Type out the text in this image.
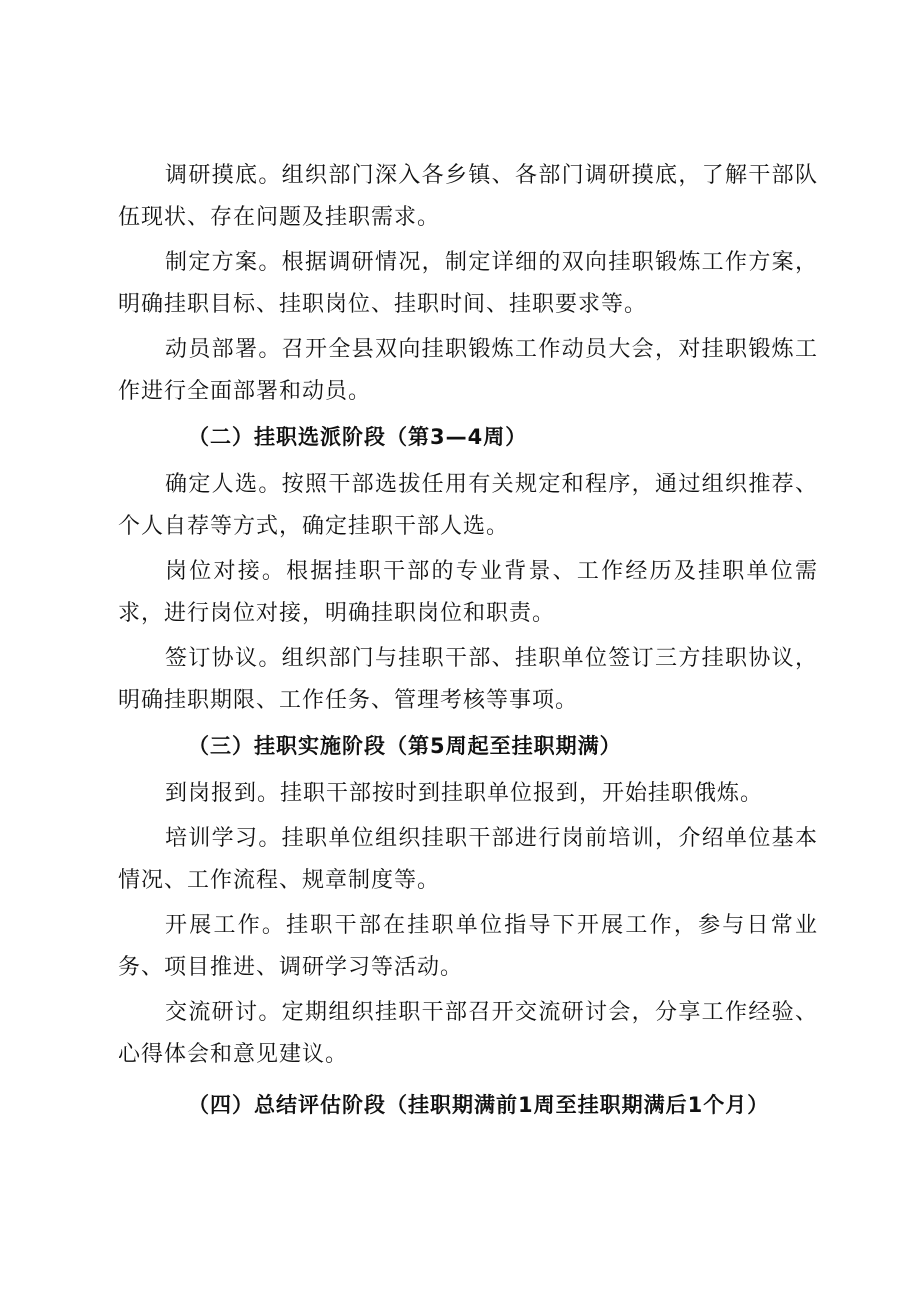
调研摸底。组织部门深入各乡镇、各部门调研摸底，了解干部队伍现状、存在问题及挂职需求。

制定方案。根据调研情况，制定详细的双向挂职锻炼工作方案，明确挂职目标、挂职岗位、挂职时间、挂职要求等。

动员部署。召开全县双向挂职锻炼工作动员大会，对挂职锻炼工作进行全面部署和动员。

（二）挂职选派阶段（第3—4周）

确定人选。按照干部选拔任用有关规定和程序，通过组织推荐、个人自荐等方式，确定挂职干部人选。

岗位对接。根据挂职干部的专业背景、工作经历及挂职单位需求，进行岗位对接，明确挂职岗位和职责。

签订协议。组织部门与挂职干部、挂职单位签订三方挂职协议，明确挂职期限、工作任务、管理考核等事项。

（三）挂职实施阶段（第5周起至挂职期满）

到岗报到。挂职干部按时到挂职单位报到，开始挂职俄炼。

培训学习。挂职单位组织挂职干部进行岗前培训，介绍单位基本情况、工作流程、规章制度等。

开展工作。挂职干部在挂职单位指导下开展工作，参与日常业务、项目推进、调研学习等活动。

交流研讨。定期组织挂职干部召开交流研讨会，分享工作经验、心得体会和意见建议。

（四）总结评估阶段（挂职期满前1周至挂职期满后1个月）
